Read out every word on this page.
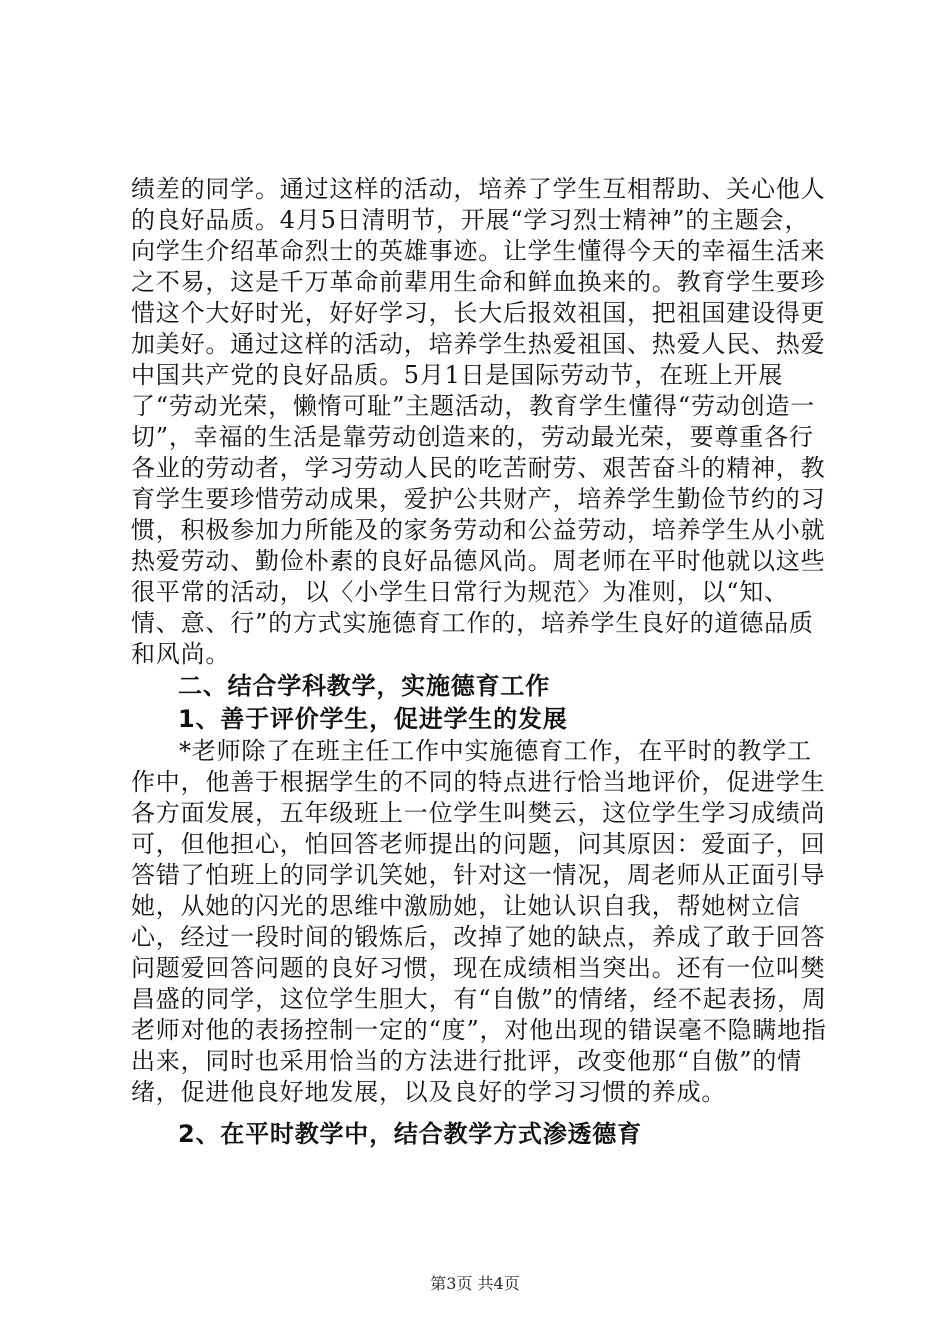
绩差的同学。通过这样的活动，培养了学生互相帮助、关心他人的良好品质。4月5日清明节，开展“学习烈士精神”的主题会，向学生介绍革命烈士的英雄事迹。让学生懂得今天的幸福生活来之不易，这是千万革命前辈用生命和鲜血换来的。教育学生要珍惜这个大好时光，好好学习，长大后报效祖国，把祖国建设得更加美好。通过这样的活动，培养学生热爱祖国、热爱人民、热爱中国共产党的良好品质。5月1日是国际劳动节，在班上开展了“劳动光荣，懒惰可耻”主题活动，教育学生懂得“劳动创造一切”，幸福的生活是靠劳动创造来的，劳动最光荣，要尊重各行各业的劳动者，学习劳动人民的吃苦耐劳、艰苦奋斗的精神，教育学生要珍惜劳动成果，爱护公共财产，培养学生勤俭节约的习惯，积极参加力所能及的家务劳动和公益劳动，培养学生从小就热爱劳动、勤俭朴素的良好品德风尚。周老师在平时他就以这些很平常的活动，以〈小学生日常行为规范〉为准则，以“知、情、意、行”的方式实施德育工作的，培养学生良好的道德品质和风尚。

二、结合学科教学，实施德育工作

1、善于评价学生，促进学生的发展

*老师除了在班主任工作中实施德育工作，在平时的教学工作中，他善于根据学生的不同的特点进行恰当地评价，促进学生各方面发展，五年级班上一位学生叫樊云，这位学生学习成绩尚可，但他担心，怕回答老师提出的问题，问其原因：爱面子，回答错了怕班上的同学讥笑她，针对这一情况，周老师从正面引导她，从她的闪光的思维中激励她，让她认识自我，帮她树立信心，经过一段时间的锻炼后，改掉了她的缺点，养成了敢于回答问题爱回答问题的良好习惯，现在成绩相当突出。还有一位叫樊昌盛的同学，这位学生胆大，有“自傲”的情绪，经不起表扬，周老师对他的表扬控制一定的“度”，对他出现的错误毫不隐瞒地指出来，同时也采用恰当的方法进行批评，改变他那“自傲”的情绪，促进他良好地发展，以及良好的学习习惯的养成。

2、在平时教学中，结合教学方式渗透德育

第3页 共4页
